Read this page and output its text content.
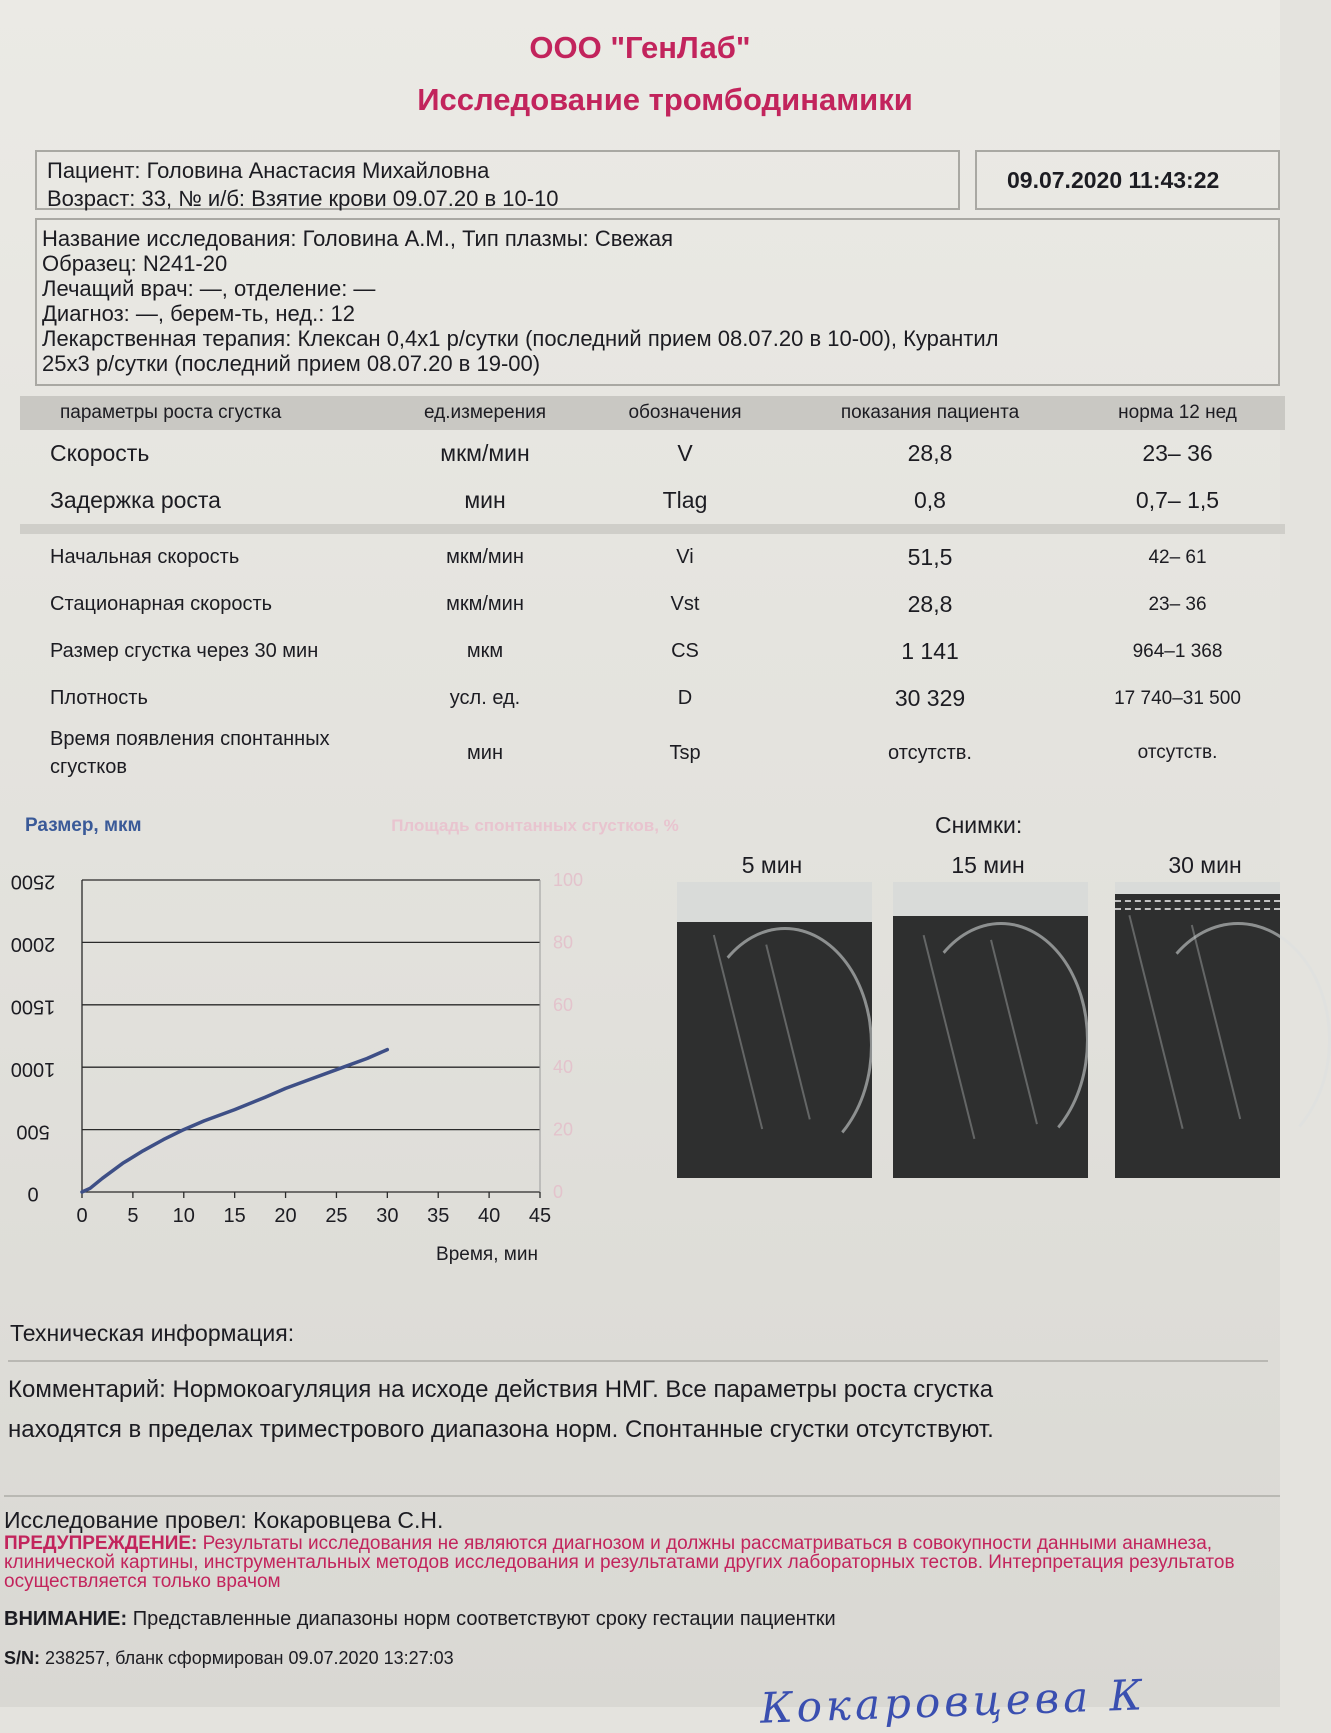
ООО "ГенЛаб"
Исследование тромбодинамики
Пациент: Головина Анастасия Михайловна
Возраст: 33, № и/б: Взятие крови 09.07.20 в 10-10
09.07.2020 11:43:22
Название исследования: Головина А.М., Тип плазмы: Свежая
Образец: N241-20
Лечащий врач: —, отделение: —
Диагноз: —, берем-ть, нед.: 12
Лекарственная терапия: Клексан 0,4x1 р/сутки (последний прием 08.07.20 в 10-00), Курантил
25x3 р/сутки (последний прием 08.07.20 в 19-00)
параметры роста сгустка	ед.измерения	обозначения	показания пациента	норма 12 нед
Скорость	мкм/мин	V	28,8	23– 36
Задержка роста	мин	Tlag	0,8	0,7– 1,5

Начальная скорость	мкм/мин	Vi	51,5	42– 61
Стационарная скорость	мкм/мин	Vst	28,8	23– 36
Размер сгустка через 30 мин	мкм	CS	1 141	964–1 368
Плотность	усл. ед.	D	30 329	17 740–31 500
Время появления спонтанных
сгустков	мин	Tsp	отсутств.	отсутств.
Размер, мкм	Площадь спонтанных сгустков, %
Время, мин
0 5 10 15 20 25 30 35 40 45
0
500
1000
1500
2000
2500
0
20
40
60
80
100
Снимки:
5 мин	15 мин	30 мин
Техническая информация:
Комментарий: Нормокоагуляция на исходе действия НМГ. Все параметры роста сгустка
находятся в пределах триместрового диапазона норм. Спонтанные сгустки отсутствуют.
Исследование провел: Кокаровцева С.Н.
ПРЕДУПРЕЖДЕНИЕ: Результаты исследования не являются диагнозом и должны рассматриваться в совокупности данными анамнеза, клинической картины, инструментальных методов исследования и результатами других лабораторных тестов. Интерпретация результатов осуществляется только врачом
ВНИМАНИЕ: Представленные диапазоны норм соответствуют сроку гестации пациентки
S/N: 238257, бланк сформирован 09.07.2020 13:27:03
Кокаровцева К
